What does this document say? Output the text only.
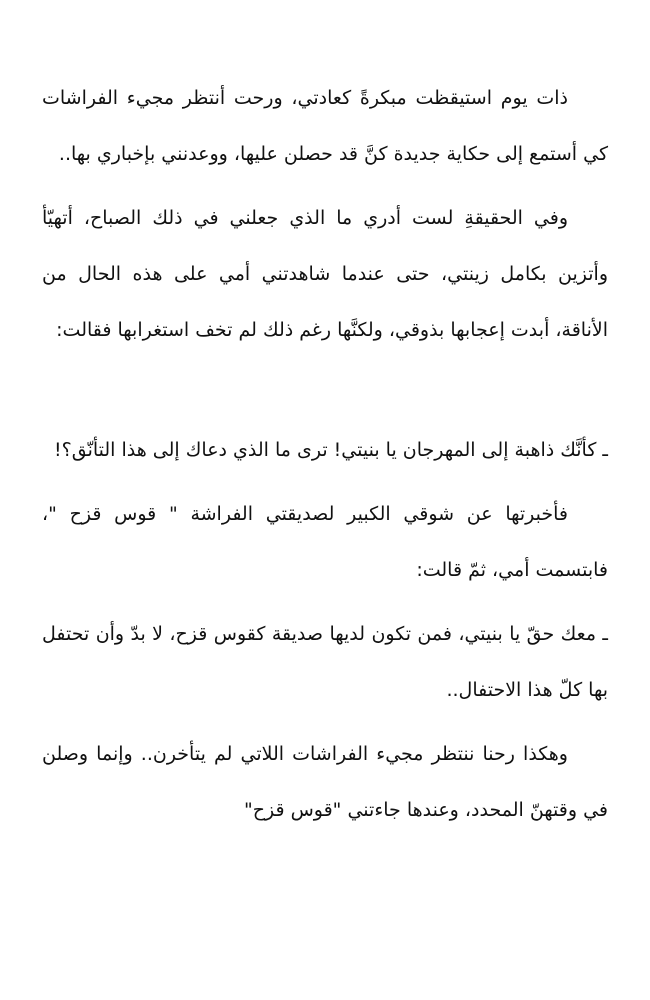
ذات يوم استيقظت مبكرةً كعادتي، ورحت أنتظر مجيء الفراشات كي أستمع إلى حكاية جديدة كنَّ قد حصلن عليها، ووعدنني بإخباري بها..

وفي الحقيقةِ لست أدري ما الذي جعلني في ذلك الصباح، أتهيّأ وأتزين بكامل زينتي، حتى عندما شاهدتني أمي على هذه الحال من الأناقة، أبدت إعجابها بذوقي، ولكنَّها رغم ذلك لم تخف استغرابها فقالت:

ـ كأنَّك ذاهبة إلى المهرجان يا بنيتي! ترى ما الذي دعاك إلى هذا التأنّق؟!

فأخبرتها عن شوقي الكبير لصديقتي الفراشة " قوس قزح "، فابتسمت أمي، ثمّ قالت:

ـ معك حقّ يا بنيتي، فمن تكون لديها صديقة كقوس قزح، لا بدّ وأن تحتفل بها كلّ هذا الاحتفال..

وهكذا رحنا ننتظر مجيء الفراشات اللاتي لم يتأخرن.. وإنما وصلن في وقتهنّ المحدد، وعندها جاءتني "قوس قزح"
